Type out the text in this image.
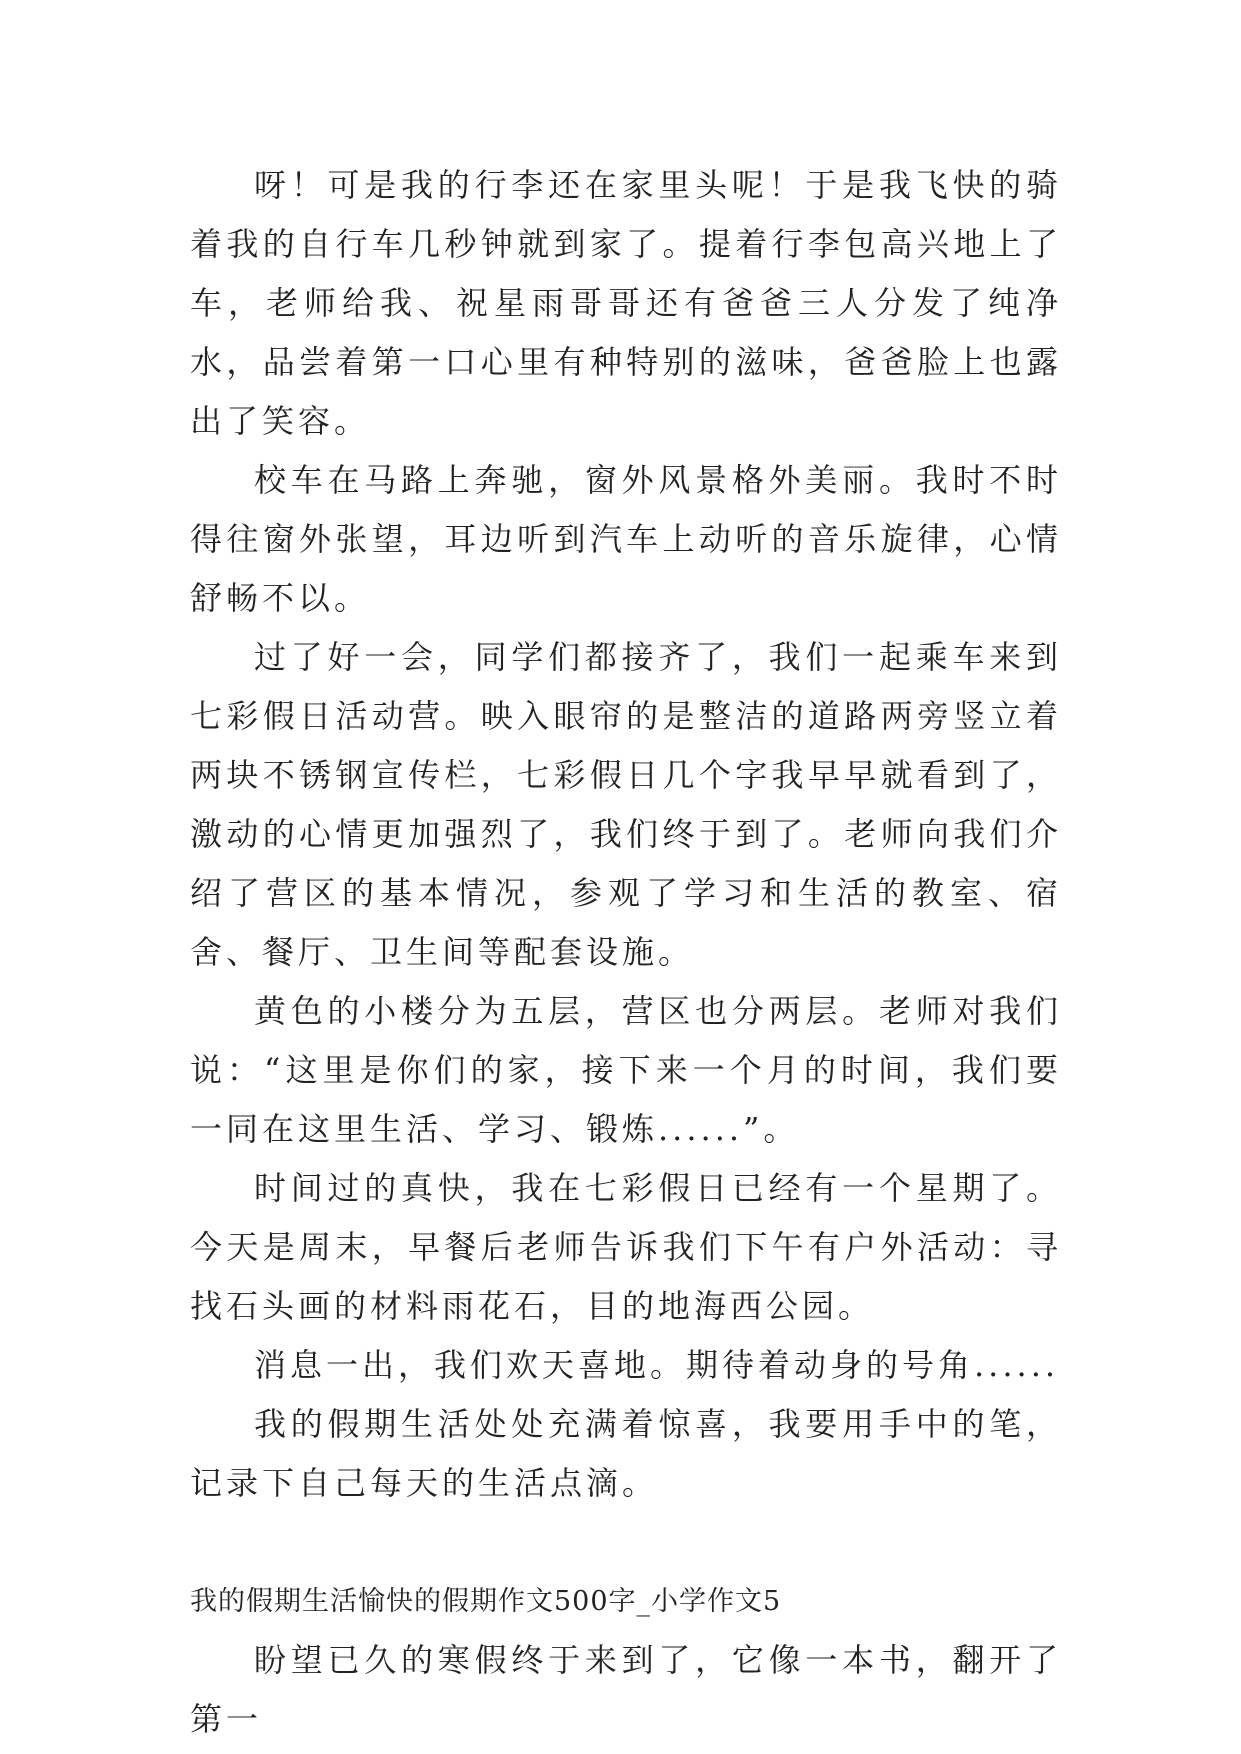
呀！可是我的行李还在家里头呢！于是我飞快的骑着我的自行车几秒钟就到家了。提着行李包高兴地上了车，老师给我、祝星雨哥哥还有爸爸三人分发了纯净水，品尝着第一口心里有种特别的滋味，爸爸脸上也露出了笑容。

校车在马路上奔驰，窗外风景格外美丽。我时不时得往窗外张望，耳边听到汽车上动听的音乐旋律，心情舒畅不以。

过了好一会，同学们都接齐了，我们一起乘车来到七彩假日活动营。映入眼帘的是整洁的道路两旁竖立着两块不锈钢宣传栏，七彩假日几个字我早早就看到了，激动的心情更加强烈了，我们终于到了。老师向我们介绍了营区的基本情况，参观了学习和生活的教室、宿舍、餐厅、卫生间等配套设施。

黄色的小楼分为五层，营区也分两层。老师对我们说：“这里是你们的家，接下来一个月的时间，我们要一同在这里生活、学习、锻炼......”。

时间过的真快，我在七彩假日已经有一个星期了。今天是周末，早餐后老师告诉我们下午有户外活动：寻找石头画的材料雨花石，目的地海西公园。

消息一出，我们欢天喜地。期待着动身的号角......

我的假期生活处处充满着惊喜，我要用手中的笔，记录下自己每天的生活点滴。

我的假期生活愉快的假期作文500字_小学作文5

盼望已久的寒假终于来到了，它像一本书，翻开了第一
